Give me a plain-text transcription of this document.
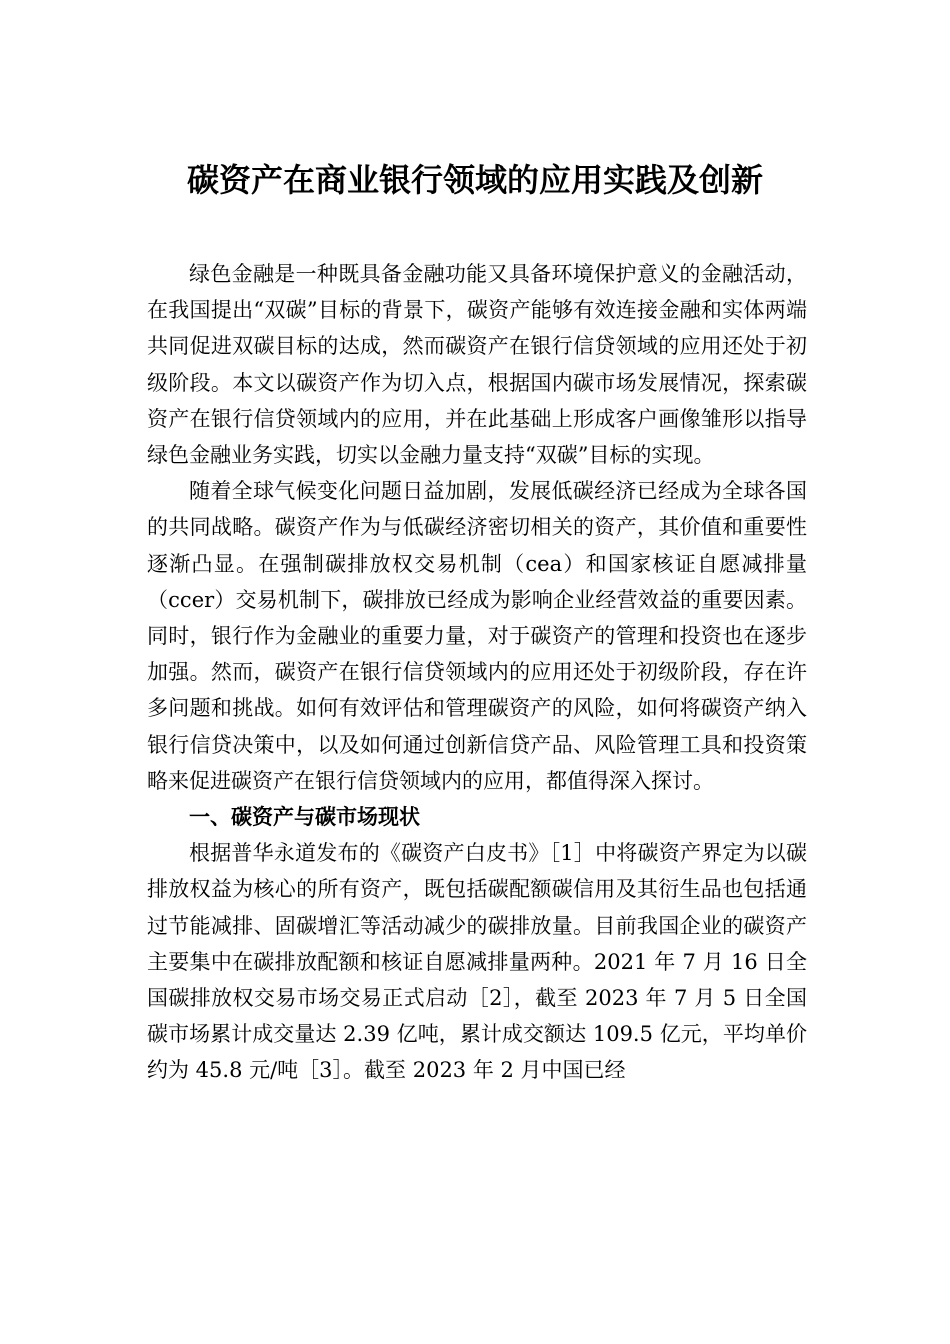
碳资产在商业银行领域的应用实践及创新

绿色金融是一种既具备金融功能又具备环境保护意义的金融活动，在我国提出“双碳”目标的背景下，碳资产能够有效连接金融和实体两端共同促进双碳目标的达成，然而碳资产在银行信贷领域的应用还处于初级阶段。本文以碳资产作为切入点，根据国内碳市场发展情况，探索碳资产在银行信贷领域内的应用，并在此基础上形成客户画像雏形以指导绿色金融业务实践，切实以金融力量支持“双碳”目标的实现。

随着全球气候变化问题日益加剧，发展低碳经济已经成为全球各国的共同战略。碳资产作为与低碳经济密切相关的资产，其价值和重要性逐渐凸显。在强制碳排放权交易机制（cea）和国家核证自愿减排量（ccer）交易机制下，碳排放已经成为影响企业经营效益的重要因素。同时，银行作为金融业的重要力量，对于碳资产的管理和投资也在逐步加强。然而，碳资产在银行信贷领域内的应用还处于初级阶段，存在许多问题和挑战。如何有效评估和管理碳资产的风险，如何将碳资产纳入银行信贷决策中，以及如何通过创新信贷产品、风险管理工具和投资策略来促进碳资产在银行信贷领域内的应用，都值得深入探讨。

一、碳资产与碳市场现状

根据普华永道发布的《碳资产白皮书》［1］中将碳资产界定为以碳排放权益为核心的所有资产，既包括碳配额碳信用及其衍生品也包括通过节能减排、固碳增汇等活动减少的碳排放量。目前我国企业的碳资产主要集中在碳排放配额和核证自愿减排量两种。2021 年 7 月 16 日全国碳排放权交易市场交易正式启动［2］，截至 2023 年 7 月 5 日全国碳市场累计成交量达 2.39 亿吨，累计成交额达 109.5 亿元，平均单价约为 45.8 元/吨［3］。截至 2023 年 2 月中国已经
